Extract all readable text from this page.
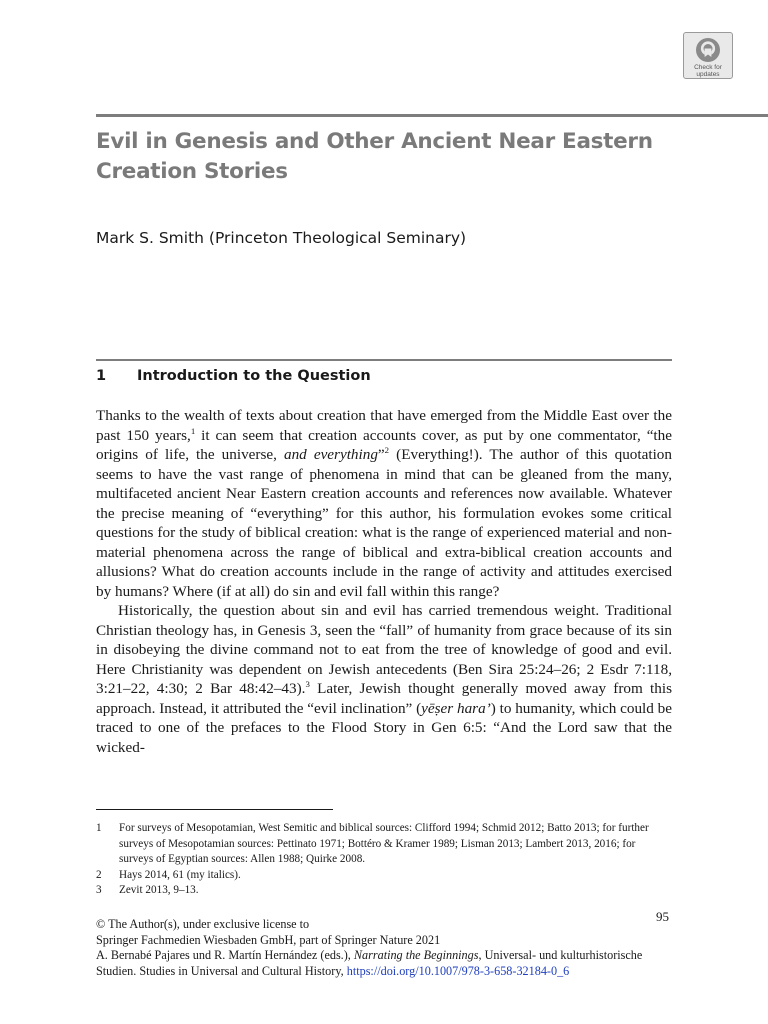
Check for
updates
Evil in Genesis and Other Ancient Near Eastern
Creation Stories

Mark S. Smith (Princeton Theological Seminary)

1 Introduction to the Question

Thanks to the wealth of texts about creation that have emerged from the Middle East over the past 150 years,$^1$ it can seem that creation accounts cover, as put by one commentator, “the origins of life, the universe, and everything”$^2$ (Everything!). The author of this quotation seems to have the vast range of phenomena in mind that can be gleaned from the many, multifaceted ancient Near Eastern creation accounts and references now available. Whatever the precise meaning of “everything” for this author, his formulation evokes some critical questions for the study of biblical creation: what is the range of experienced material and non-material phenomena across the range of biblical and extra-biblical creation accounts and allusions? What do creation accounts include in the range of activity and attitudes exercised by humans? Where (if at all) do sin and evil fall within this range?

Historically, the question about sin and evil has carried tremendous weight. Traditional Christian theology has, in Genesis 3, seen the “fall” of humanity from grace because of its sin in disobeying the divine command not to eat from the tree of knowledge of good and evil. Here Christianity was dependent on Jewish antecedents (Ben Sira 25:24–26; 2 Esdr 7:118, 3:21–22, 4:30; 2 Bar 48:42–43).$^3$ Later, Jewish thought generally moved away from this approach. Instead, it attributed the “evil inclination” (yēṣer hara’) to humanity, which could be traced to one of the prefaces to the Flood Story in Gen 6:5: “And the Lord saw that the wicked-

1 For surveys of Mesopotamian, West Semitic and biblical sources: Clifford 1994; Schmid 2012; Batto 2013; for further surveys of Mesopotamian sources: Pettinato 1971; Bottéro & Kramer 1989; Lisman 2013; Lambert 2013, 2016; for surveys of Egyptian sources: Allen 1988; Quirke 2008.
2 Hays 2014, 61 (my italics).
3 Zevit 2013, 9–13.
95
© The Author(s), under exclusive license to
Springer Fachmedien Wiesbaden GmbH, part of Springer Nature 2021
A. Bernabé Pajares und R. Martín Hernández (eds.), Narrating the Beginnings, Universal- und kulturhistorische Studien. Studies in Universal and Cultural History, https://doi.org/10.1007/978-3-658-32184-0_6
